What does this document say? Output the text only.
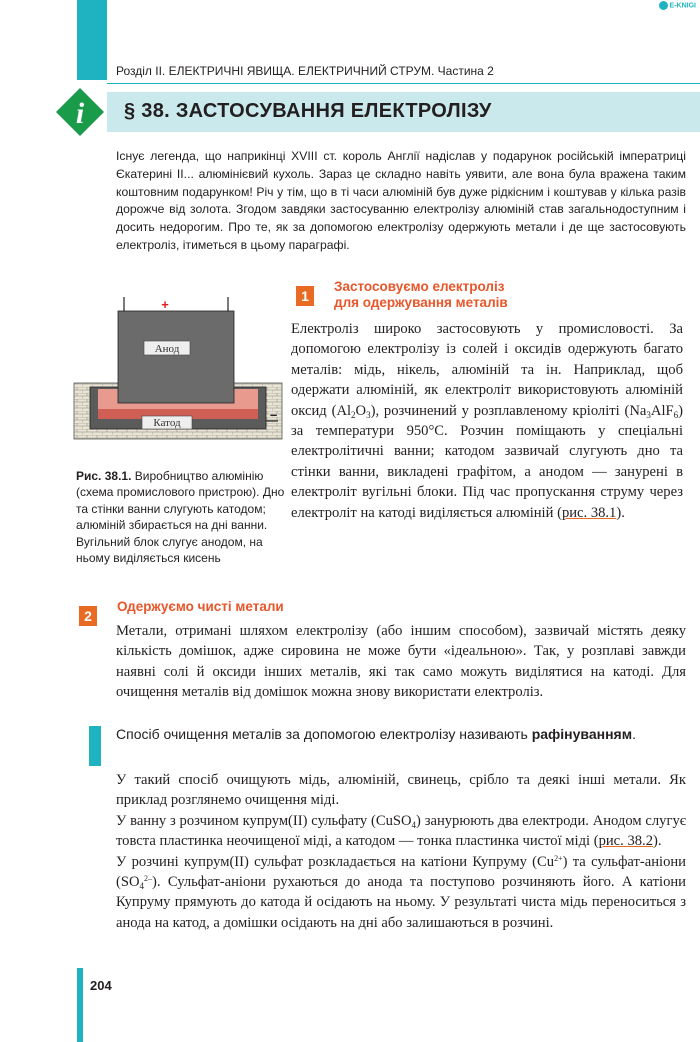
E-KNIGI
Розділ II. ЕЛЕКТРИЧНІ ЯВИЩА. ЕЛЕКТРИЧНИЙ СТРУМ. Частина 2
i § 38. ЗАСТОСУВАННЯ ЕЛЕКТРОЛІЗУ
Існує легенда, що наприкінці XVIII ст. король Англії надіслав у подарунок російській імператриці Єкатерині II... алюмінієвий кухоль. Зараз це складно навіть уявити, але вона була вражена таким коштовним подарунком! Річ у тім, що в ті часи алюміній був дуже рідкісним і коштував у кілька разів дорожче від золота. Згодом завдяки застосуванню електролізу алюміній став загальнодоступним і досить недорогим. Про те, як за допомогою електролізу одержують метали і де ще застосовують електроліз, ітиметься в цьому параграфі.
1
Застосовуємо електроліз
для одержування металів
Електроліз широко застосовують у промисловості. За допомогою електролізу із солей і оксидів одержують багато металів: мідь, нікель, алюміній та ін. Наприклад, щоб одержати алюміній, як електроліт використовують алюміній оксид $(Al_2O_3)$, розчинений у розплавленому кріоліті $(Na_3AlF_6)$ за температури 950°C. Розчин поміщають у спеціальні електролітичні ванни; катодом зазвичай слугують дно та стінки ванни, викладені графітом, а анодом — занурені в електроліт вугільні блоки. Під час пропускання струму через електроліт на катоді виділяється алюміній (рис. 38.1).
+
Анод
Катод
–
Рис. 38.1. Виробництво алюмінію (схема промислового пристрою). Дно та стінки ванни слугують катодом; алюміній збирається на дні ванни. Вугільний блок слугує анодом, на ньому виділяється кисень
2
Одержуємо чисті метали
Метали, отримані шляхом електролізу (або іншим способом), зазвичай містять деяку кількість домішок, адже сировина не може бути «ідеальною». Так, у розплаві завжди наявні солі й оксиди інших металів, які так само можуть виділятися на катоді. Для очищення металів від домішок можна знову використати електроліз.
Спосіб очищення металів за допомогою електролізу називають рафінуванням.

У такий спосіб очищують мідь, алюміній, свинець, срібло та деякі інші метали. Як приклад розглянемо очищення міді.

У ванну з розчином купрум(II) сульфату (CuSO$_4$) занурюють два електроди. Анодом слугує товста пластинка неочищеної міді, а катодом — тонка пластинка чистої міді (рис. 38.2).

У розчині купрум(II) сульфат розкладається на катіони Купруму $(Cu^{2+})$ та сульфат-аніони $(SO_4^{2-})$. Сульфат-аніони рухаються до анода та поступово розчиняють його. А катіони Купруму прямують до катода й осідають на ньому. У результаті чиста мідь переноситься з анода на катод, а домішки осідають на дні або залишаються в розчині.

204
